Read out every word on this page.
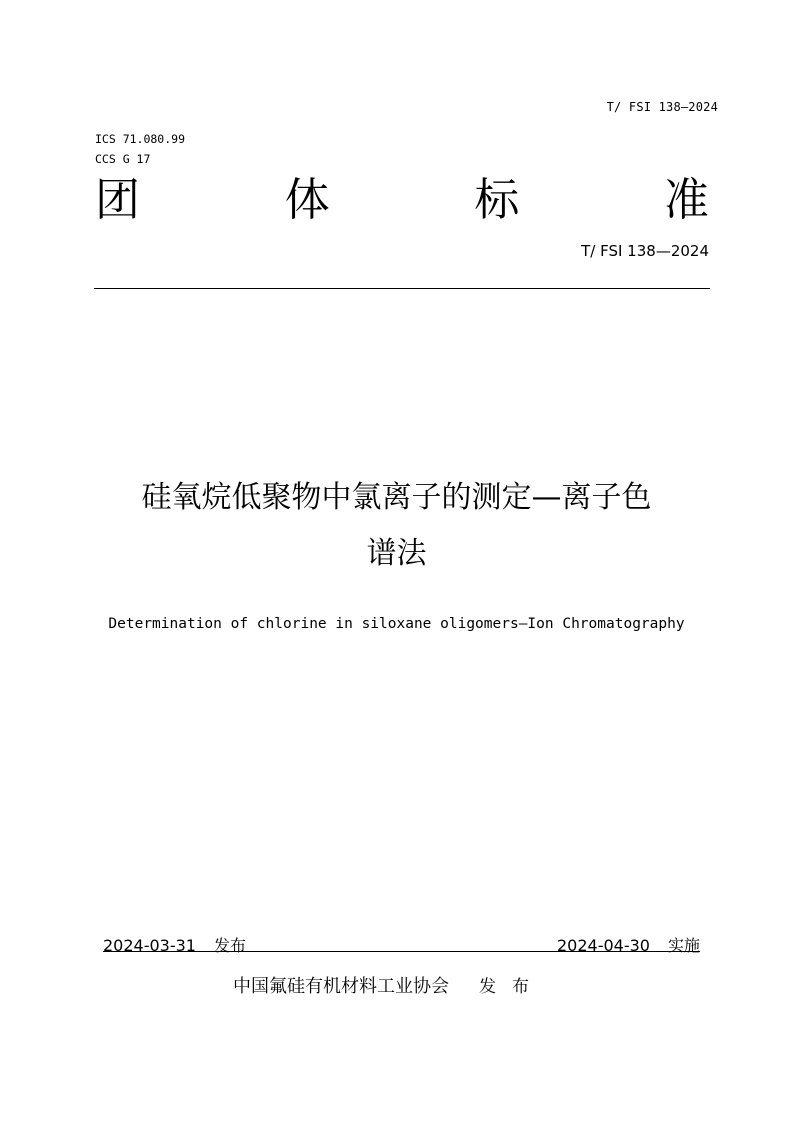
T/ FSI 138—2024
ICS 71.080.99
CCS G 17
团	体	标	准
T/ FSI 138—2024
硅氧烷低聚物中氯离子的测定—离子色
谱法
Determination of chlorine in siloxane oligomers—Ion Chromatography
2024-03-31 发布	2024-04-30 实施
中国氟硅有机材料工业协会 发布
